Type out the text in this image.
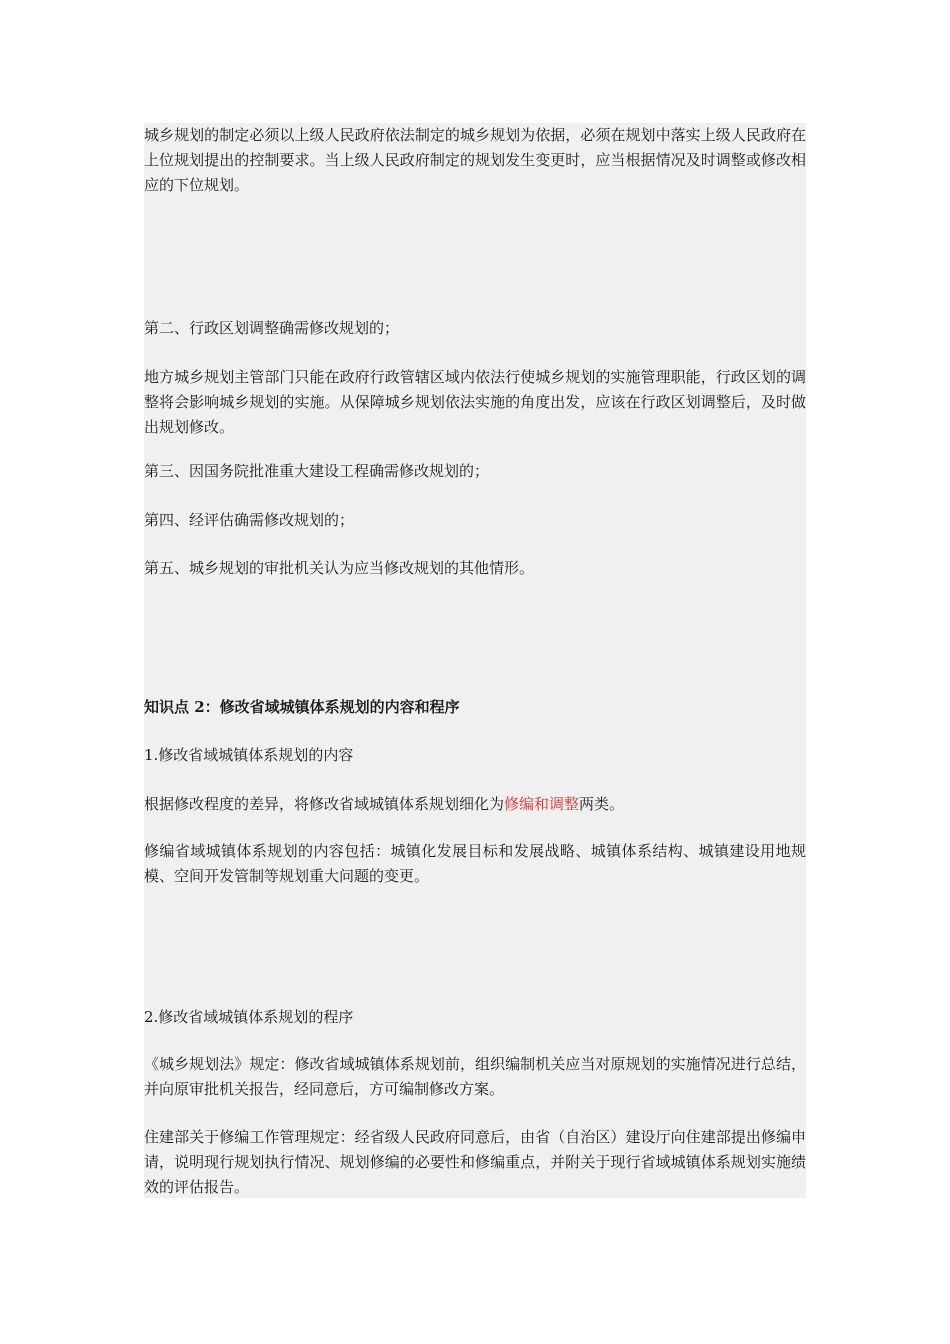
城乡规划的制定必须以上级人民政府依法制定的城乡规划为依据，必须在规划中落实上级人民政府在上位规划提出的控制要求。当上级人民政府制定的规划发生变更时，应当根据情况及时调整或修改相应的下位规划。

第二、行政区划调整确需修改规划的；

地方城乡规划主管部门只能在政府行政管辖区域内依法行使城乡规划的实施管理职能，行政区划的调整将会影响城乡规划的实施。从保障城乡规划依法实施的角度出发，应该在行政区划调整后，及时做出规划修改。

第三、因国务院批准重大建设工程确需修改规划的；

第四、经评估确需修改规划的；

第五、城乡规划的审批机关认为应当修改规划的其他情形。

知识点 2：修改省域城镇体系规划的内容和程序

1.修改省域城镇体系规划的内容

根据修改程度的差异，将修改省域城镇体系规划细化为修编和调整两类。

修编省域城镇体系规划的内容包括：城镇化发展目标和发展战略、城镇体系结构、城镇建设用地规模、空间开发管制等规划重大问题的变更。

2.修改省域城镇体系规划的程序

《城乡规划法》规定：修改省域城镇体系规划前，组织编制机关应当对原规划的实施情况进行总结，并向原审批机关报告，经同意后，方可编制修改方案。

住建部关于修编工作管理规定：经省级人民政府同意后，由省（自治区）建设厅向住建部提出修编申请，说明现行规划执行情况、规划修编的必要性和修编重点，并附关于现行省域城镇体系规划实施绩效的评估报告。
